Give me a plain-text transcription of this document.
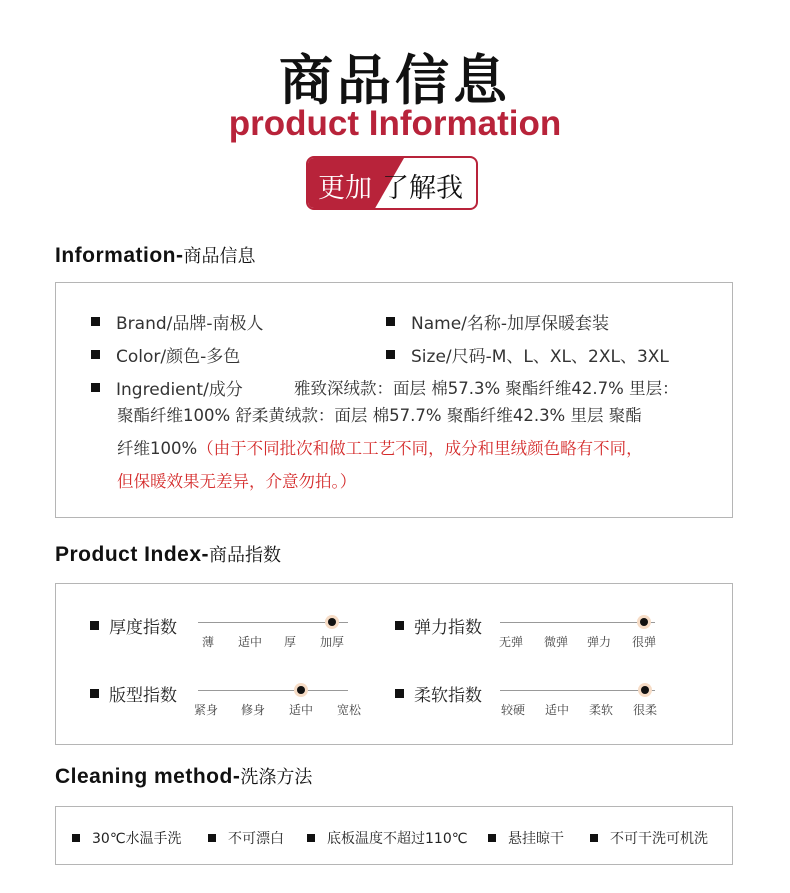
商品信息
product Information
更加 了解我
Information-商品信息
Brand/品牌-南极人	Name/名称-加厚保暖套装
Color/颜色-多色	Size/尺码-M、L、XL、2XL、3XL
Ingredient/成分	雅致深绒款：面层 棉57.3% 聚酯纤维42.7% 里层：
聚酯纤维100% 舒柔黄绒款：面层 棉57.7% 聚酯纤维42.3% 里层 聚酯
纤维100%（由于不同批次和做工工艺不同，成分和里绒颜色略有不同，
但保暖效果无差异，介意勿拍。）
Product Index-商品指数
厚度指数
薄 适中 厚 加厚
弹力指数
无弹 微弹 弹力 很弹
版型指数
紧身 修身 适中 宽松
柔软指数
较硬 适中 柔软 很柔
Cleaning method-洗涤方法
30℃水温手洗	不可漂白	底板温度不超过110℃	悬挂晾干	不可干洗可机洗
